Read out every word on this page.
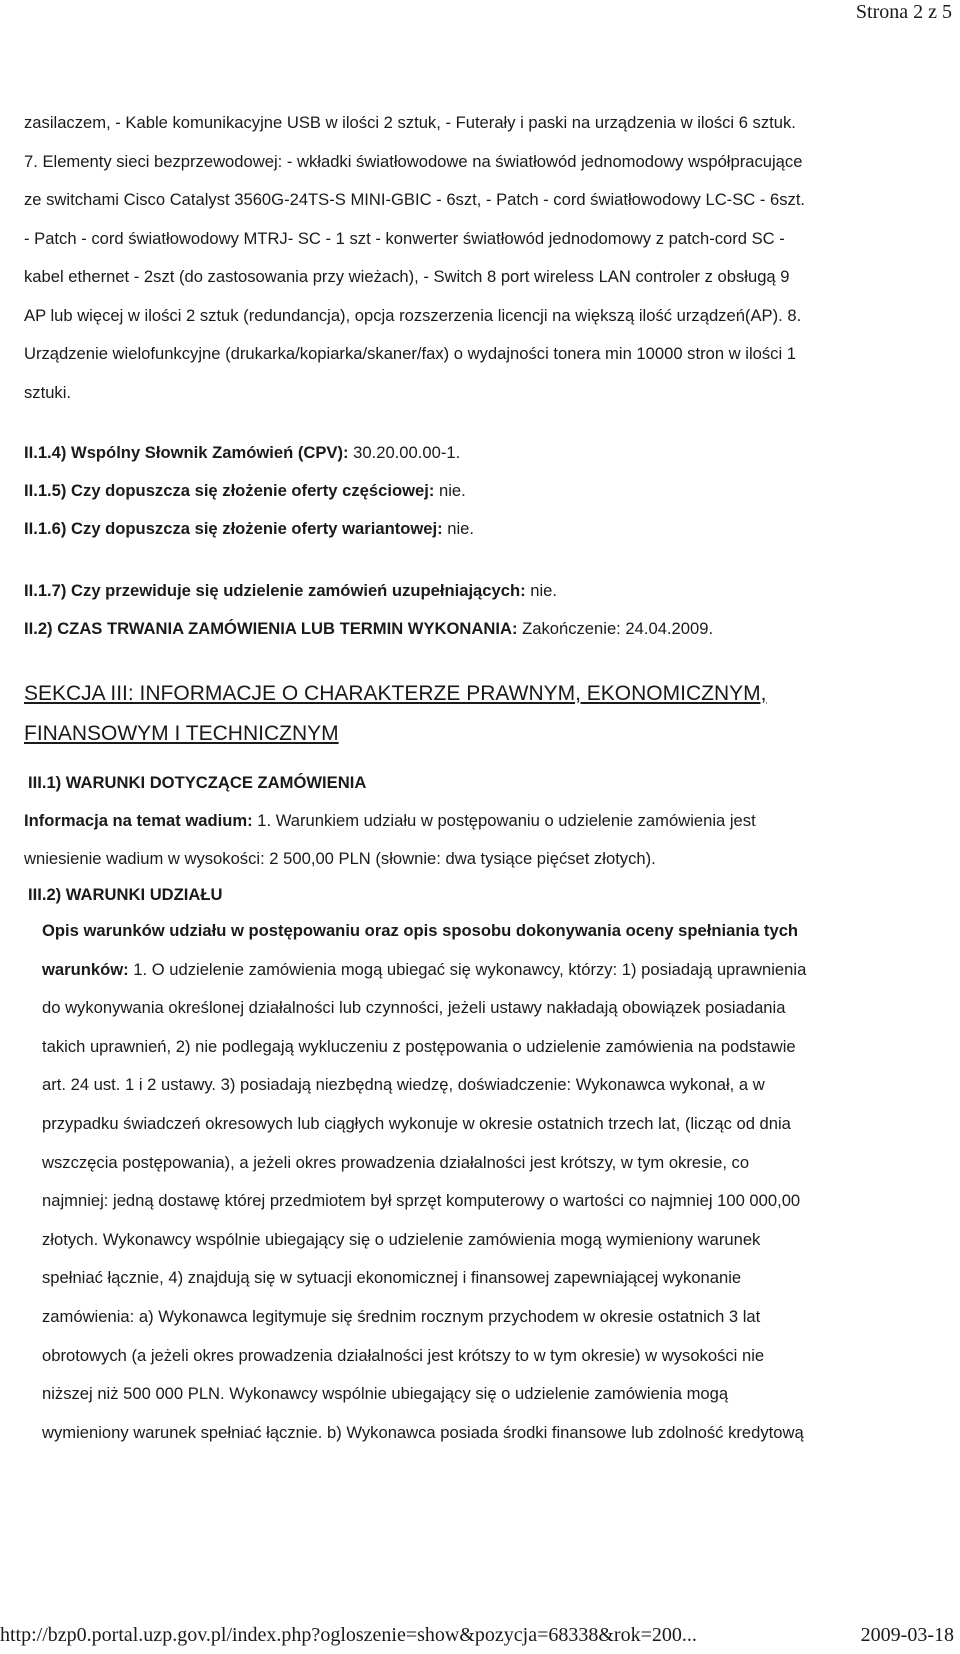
Strona 2 z 5
zasilaczem, - Kable komunikacyjne USB w ilości 2 sztuk, - Futerały i paski na urządzenia w ilości 6 sztuk.
7. Elementy sieci bezprzewodowej: - wkładki światłowodowe na światłowód jednomodowy współpracujące
ze switchami Cisco Catalyst 3560G-24TS-S MINI-GBIC - 6szt, - Patch - cord światłowodowy LC-SC - 6szt.
- Patch - cord światłowodowy MTRJ- SC - 1 szt - konwerter światłowód jednodomowy z patch-cord SC -
kabel ethernet - 2szt (do zastosowania przy wieżach), - Switch 8 port wireless LAN controler z obsługą 9
AP lub więcej w ilości 2 sztuk (redundancja), opcja rozszerzenia licencji na większą ilość urządzeń(AP). 8.
Urządzenie wielofunkcyjne (drukarka/kopiarka/skaner/fax) o wydajności tonera min 10000 stron w ilości 1
sztuki.
II.1.4) Wspólny Słownik Zamówień (CPV): 30.20.00.00-1.
II.1.5) Czy dopuszcza się złożenie oferty częściowej: nie.
II.1.6) Czy dopuszcza się złożenie oferty wariantowej: nie.
II.1.7) Czy przewiduje się udzielenie zamówień uzupełniających: nie.
II.2) CZAS TRWANIA ZAMÓWIENIA LUB TERMIN WYKONANIA: Zakończenie: 24.04.2009.
SEKCJA III: INFORMACJE O CHARAKTERZE PRAWNYM, EKONOMICZNYM,
FINANSOWYM I TECHNICZNYM
III.1) WARUNKI DOTYCZĄCE ZAMÓWIENIA
Informacja na temat wadium: 1. Warunkiem udziału w postępowaniu o udzielenie zamówienia jest
wniesienie wadium w wysokości: 2 500,00 PLN (słownie: dwa tysiące pięćset złotych).
III.2) WARUNKI UDZIAŁU
Opis warunków udziału w postępowaniu oraz opis sposobu dokonywania oceny spełniania tych
warunków: 1. O udzielenie zamówienia mogą ubiegać się wykonawcy, którzy: 1) posiadają uprawnienia
do wykonywania określonej działalności lub czynności, jeżeli ustawy nakładają obowiązek posiadania
takich uprawnień, 2) nie podlegają wykluczeniu z postępowania o udzielenie zamówienia na podstawie
art. 24 ust. 1 i 2 ustawy. 3) posiadają niezbędną wiedzę, doświadczenie: Wykonawca wykonał, a w
przypadku świadczeń okresowych lub ciągłych wykonuje w okresie ostatnich trzech lat, (licząc od dnia
wszczęcia postępowania), a jeżeli okres prowadzenia działalności jest krótszy, w tym okresie, co
najmniej: jedną dostawę której przedmiotem był sprzęt komputerowy o wartości co najmniej 100 000,00
złotych. Wykonawcy wspólnie ubiegający się o udzielenie zamówienia mogą wymieniony warunek
spełniać łącznie, 4) znajdują się w sytuacji ekonomicznej i finansowej zapewniającej wykonanie
zamówienia: a) Wykonawca legitymuje się średnim rocznym przychodem w okresie ostatnich 3 lat
obrotowych (a jeżeli okres prowadzenia działalności jest krótszy to w tym okresie) w wysokości nie
niższej niż 500 000 PLN. Wykonawcy wspólnie ubiegający się o udzielenie zamówienia mogą
wymieniony warunek spełniać łącznie. b) Wykonawca posiada środki finansowe lub zdolność kredytową
http://bzp0.portal.uzp.gov.pl/index.php?ogloszenie=show&pozycja=68338&rok=200...	2009-03-18
